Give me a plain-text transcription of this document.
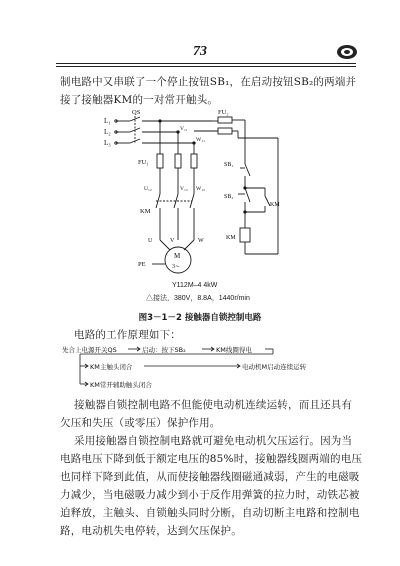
73
制电路中又串联了一个停止按钮SB₁，在启动按钮SB₂的两端并
接了接触器KM的一对常开触头。
L₁
L₂
L₃
QS
V₁₁
W₁₁
FU₂
FU₁
U₁₂	V₁₂ W₁₂
KM
U	V	W
M
3∼
PE
SB₁
SB₂
KM
KM
Y112M–4 4kW
△接法，380V，8.8A，1440r/min
图3－1－2 接触器自锁控制电路
电路的工作原理如下：
先合上电源开关QS	启动：按下SB₂	KM线圈得电
KM主触头闭合	电动机M启动连续运转
KM常开辅助触头闭合
接触器自锁控制电路不但能使电动机连续运转，而且还具有
欠压和失压（或零压）保护作用。
采用接触器自锁控制电路就可避免电动机欠压运行。因为当
电路电压下降到低于额定电压的85%时，接触器线圈两端的电压
也同样下降到此值，从而使接触器线圈磁通减弱，产生的电磁吸
力减少，当电磁吸力减少到小于反作用弹簧的拉力时，动铁芯被
迫释放，主触头、自锁触头同时分断，自动切断主电路和控制电
路，电动机失电停转，达到欠压保护。
